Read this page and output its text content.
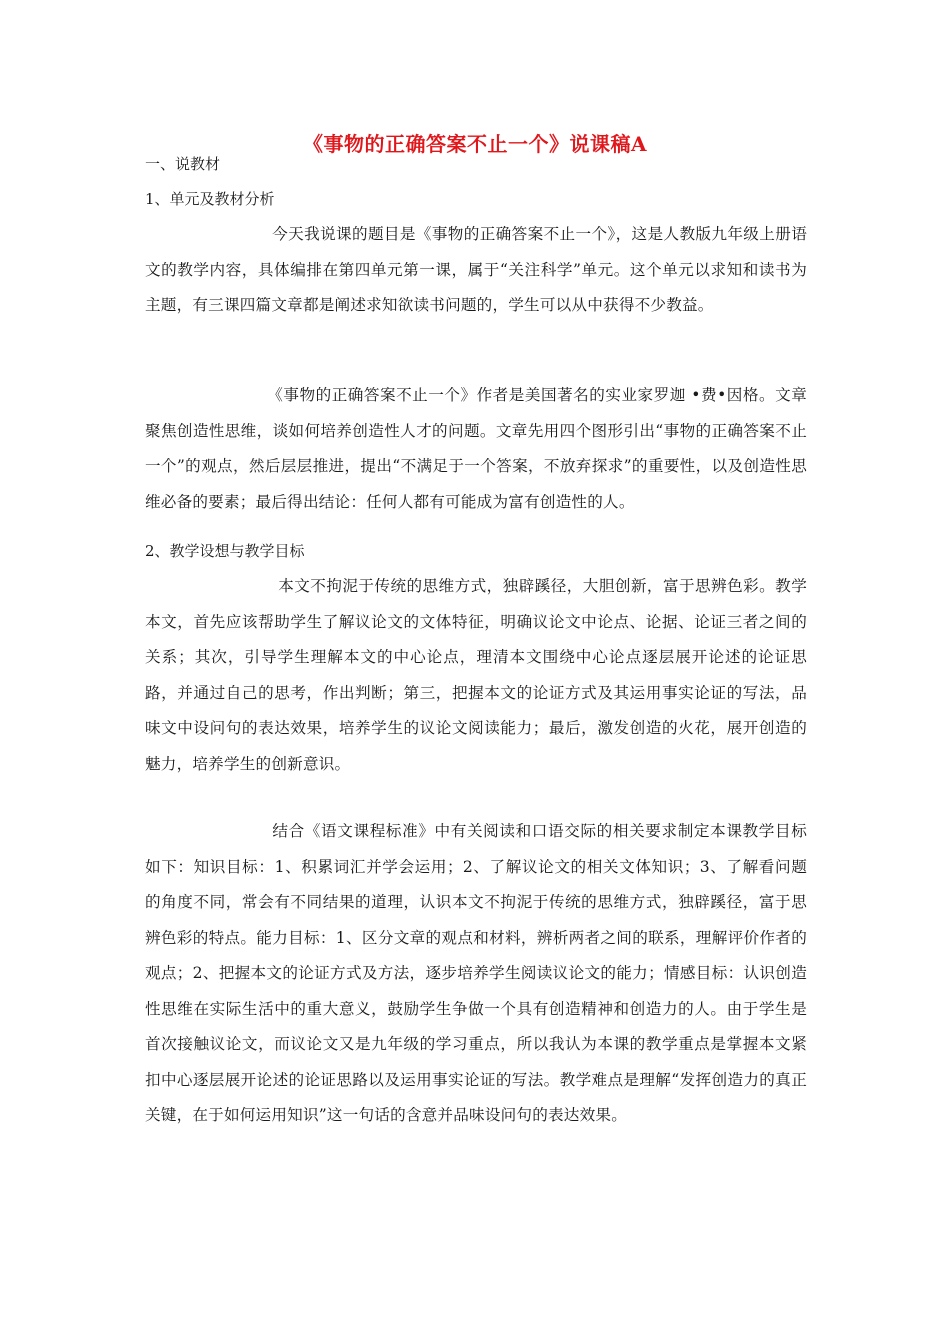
《事物的正确答案不止一个》说课稿A
一、说教材
1、单元及教材分析
今天我说课的题目是《事物的正确答案不止一个》，这是人教版九年级上册语文的教学内容，具体编排在第四单元第一课，属于“关注科学”单元。这个单元以求知和读书为主题，有三课四篇文章都是阐述求知欲读书问题的，学生可以从中获得不少教益。
《事物的正确答案不止一个》作者是美国著名的实业家罗迦 •费•因格。文章聚焦创造性思维，谈如何培养创造性人才的问题。文章先用四个图形引出“事物的正确答案不止一个”的观点，然后层层推进，提出“不满足于一个答案，不放弃探求”的重要性，以及创造性思维必备的要素；最后得出结论：任何人都有可能成为富有创造性的人。
2、教学设想与教学目标
本文不拘泥于传统的思维方式，独辟蹊径，大胆创新，富于思辨色彩。教学本文，首先应该帮助学生了解议论文的文体特征，明确议论文中论点、论据、论证三者之间的关系；其次，引导学生理解本文的中心论点，理清本文围绕中心论点逐层展开论述的论证思路，并通过自己的思考，作出判断；第三，把握本文的论证方式及其运用事实论证的写法，品味文中设问句的表达效果，培养学生的议论文阅读能力；最后，激发创造的火花，展开创造的魅力，培养学生的创新意识。
结合《语文课程标准》中有关阅读和口语交际的相关要求制定本课教学目标如下：知识目标：1、积累词汇并学会运用；2、了解议论文的相关文体知识；3、了解看问题的角度不同，常会有不同结果的道理，认识本文不拘泥于传统的思维方式，独辟蹊径，富于思辨色彩的特点。能力目标：1、区分文章的观点和材料，辨析两者之间的联系，理解评价作者的观点；2、把握本文的论证方式及方法，逐步培养学生阅读议论文的能力；情感目标：认识创造性思维在实际生活中的重大意义，鼓励学生争做一个具有创造精神和创造力的人。由于学生是首次接触议论文，而议论文又是九年级的学习重点，所以我认为本课的教学重点是掌握本文紧扣中心逐层展开论述的论证思路以及运用事实论证的写法。教学难点是理解“发挥创造力的真正关键，在于如何运用知识”这一句话的含意并品味设问句的表达效果。
